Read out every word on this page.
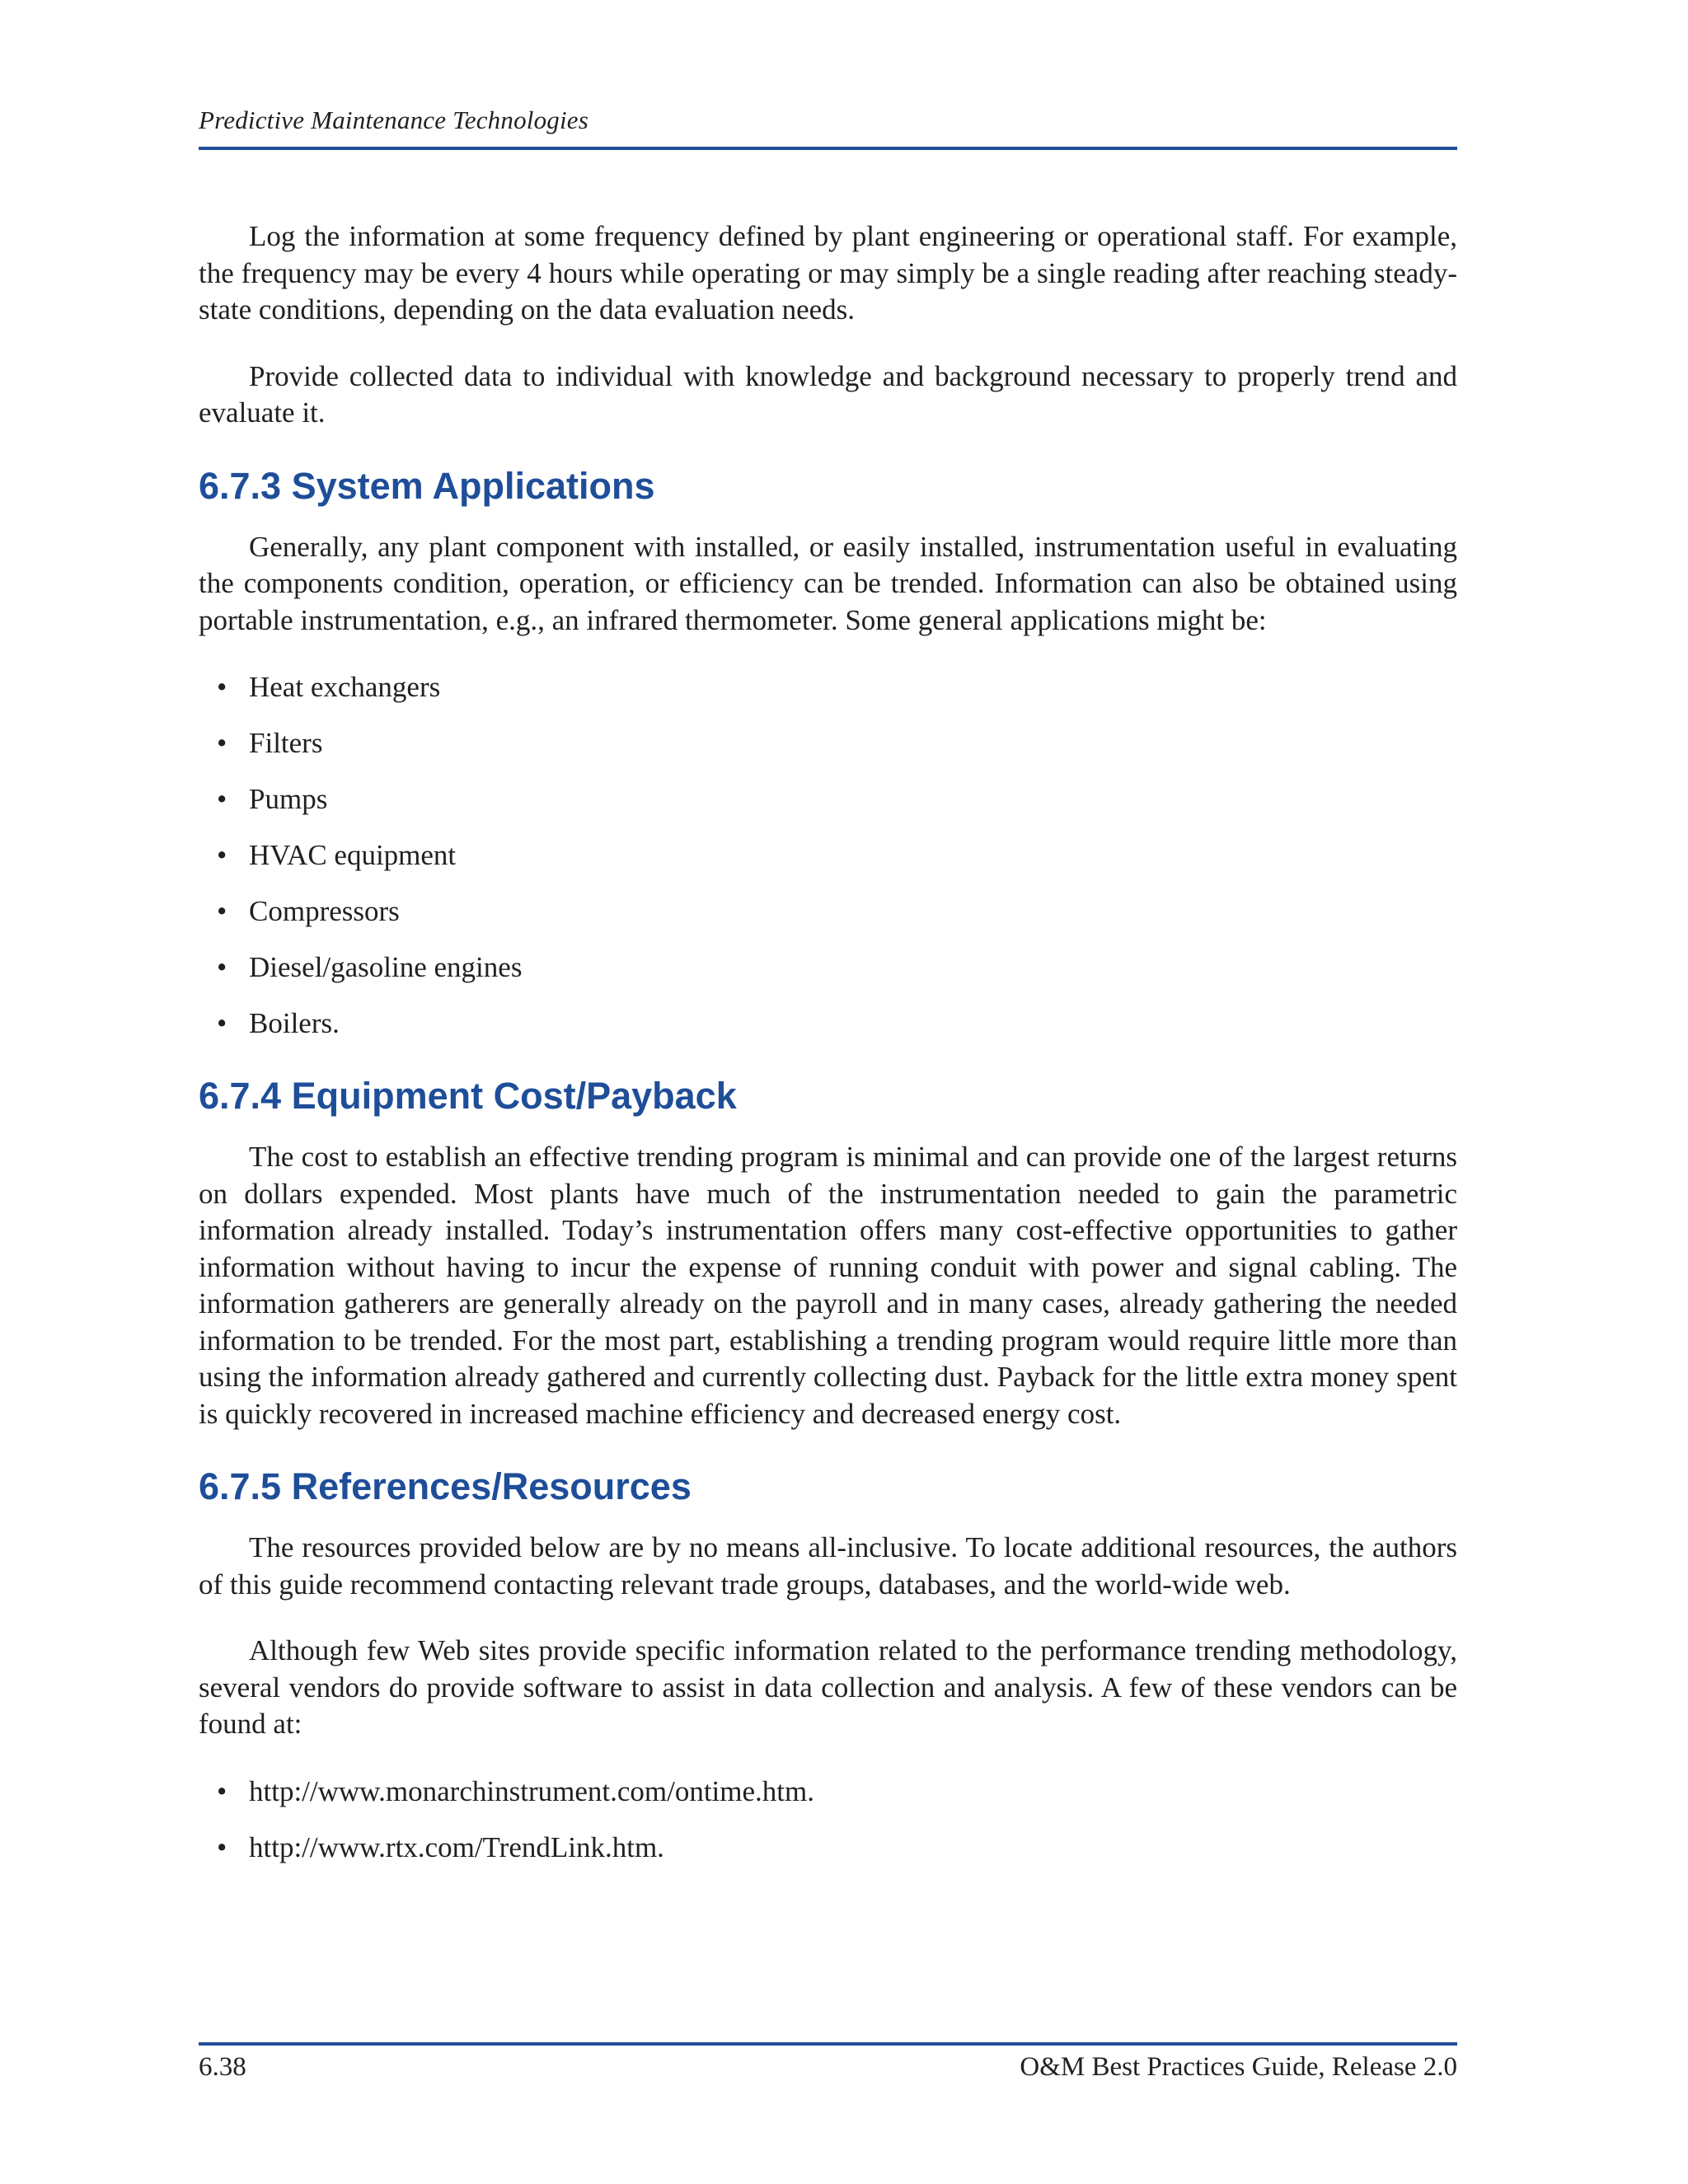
Predictive Maintenance Technologies

Log the information at some frequency defined by plant engineering or operational staff. For example, the frequency may be every 4 hours while operating or may simply be a single reading after reaching steady-state conditions, depending on the data evaluation needs.

Provide collected data to individual with knowledge and background necessary to properly trend and evaluate it.

6.7.3 System Applications

Generally, any plant component with installed, or easily installed, instrumentation useful in evaluating the components condition, operation, or efficiency can be trended. Information can also be obtained using portable instrumentation, e.g., an infrared thermometer. Some general applications might be:

• Heat exchangers
• Filters
• Pumps
• HVAC equipment
• Compressors
• Diesel/gasoline engines
• Boilers.
6.7.4 Equipment Cost/Payback

The cost to establish an effective trending program is minimal and can provide one of the largest returns on dollars expended. Most plants have much of the instrumentation needed to gain the parametric information already installed. Today’s instrumentation offers many cost-effective opportunities to gather information without having to incur the expense of running conduit with power and signal cabling. The information gatherers are generally already on the payroll and in many cases, already gathering the needed information to be trended. For the most part, establishing a trending program would require little more than using the information already gathered and currently collecting dust. Payback for the little extra money spent is quickly recovered in increased machine efficiency and decreased energy cost.

6.7.5 References/Resources

The resources provided below are by no means all-inclusive. To locate additional resources, the authors of this guide recommend contacting relevant trade groups, databases, and the world-wide web.

Although few Web sites provide specific information related to the performance trending methodology, several vendors do provide software to assist in data collection and analysis. A few of these vendors can be found at:

• http://www.monarchinstrument.com/ontime.htm.
• http://www.rtx.com/TrendLink.htm.
6.38	O&M Best Practices Guide, Release 2.0
